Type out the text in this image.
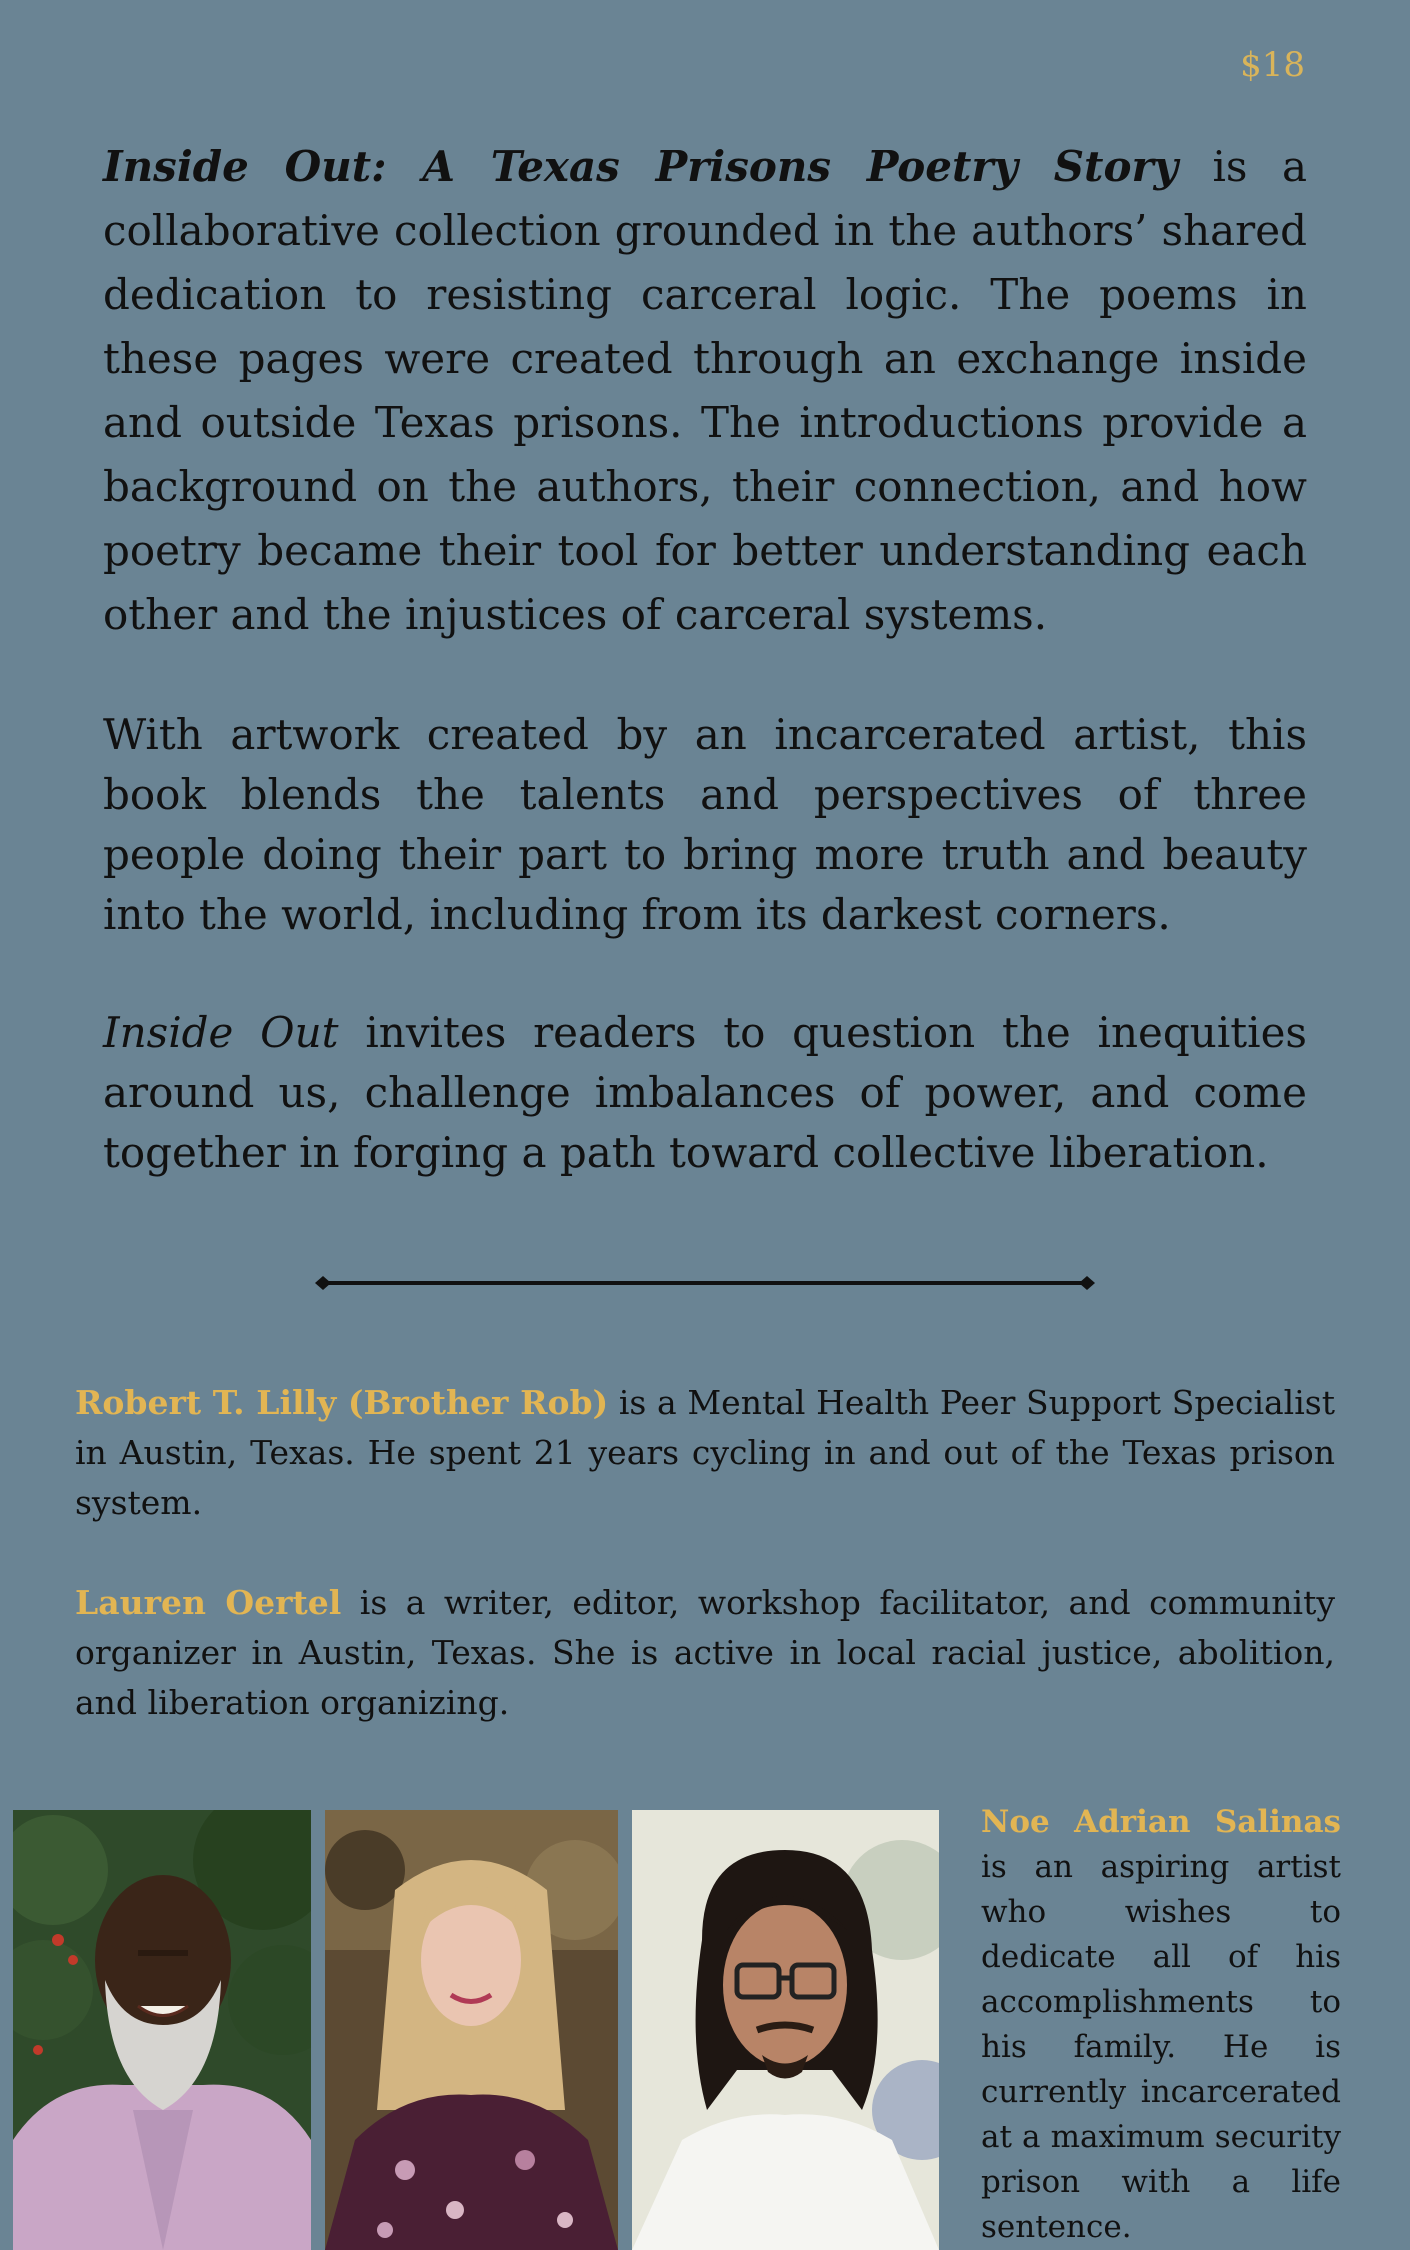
$18

Inside Out: A Texas Prisons Poetry Story is a collaborative collection grounded in the authors’ shared dedication to resisting carceral logic. The poems in these pages were created through an exchange inside and outside Texas prisons. The introductions provide a background on the authors, their connection, and how poetry became their tool for better understanding each other and the injustices of carceral systems.

With artwork created by an incarcerated artist, this book blends the talents and perspectives of three people doing their part to bring more truth and beauty into the world, including from its darkest corners.

Inside Out invites readers to question the inequities around us, challenge imbalances of power, and come together in forging a path toward collective liberation.

Robert T. Lilly (Brother Rob) is a Mental Health Peer Support Specialist in Austin, Texas. He spent 21 years cycling in and out of the Texas prison system.

Lauren Oertel is a writer, editor, workshop facilitator, and community organizer in Austin, Texas. She is active in local racial justice, abolition, and liberation organizing.

Noe Adrian Salinas is an aspiring artist who wishes to dedicate all of his accomplishments to his family. He is currently incarcerated at a maximum security prison with a life sentence.
